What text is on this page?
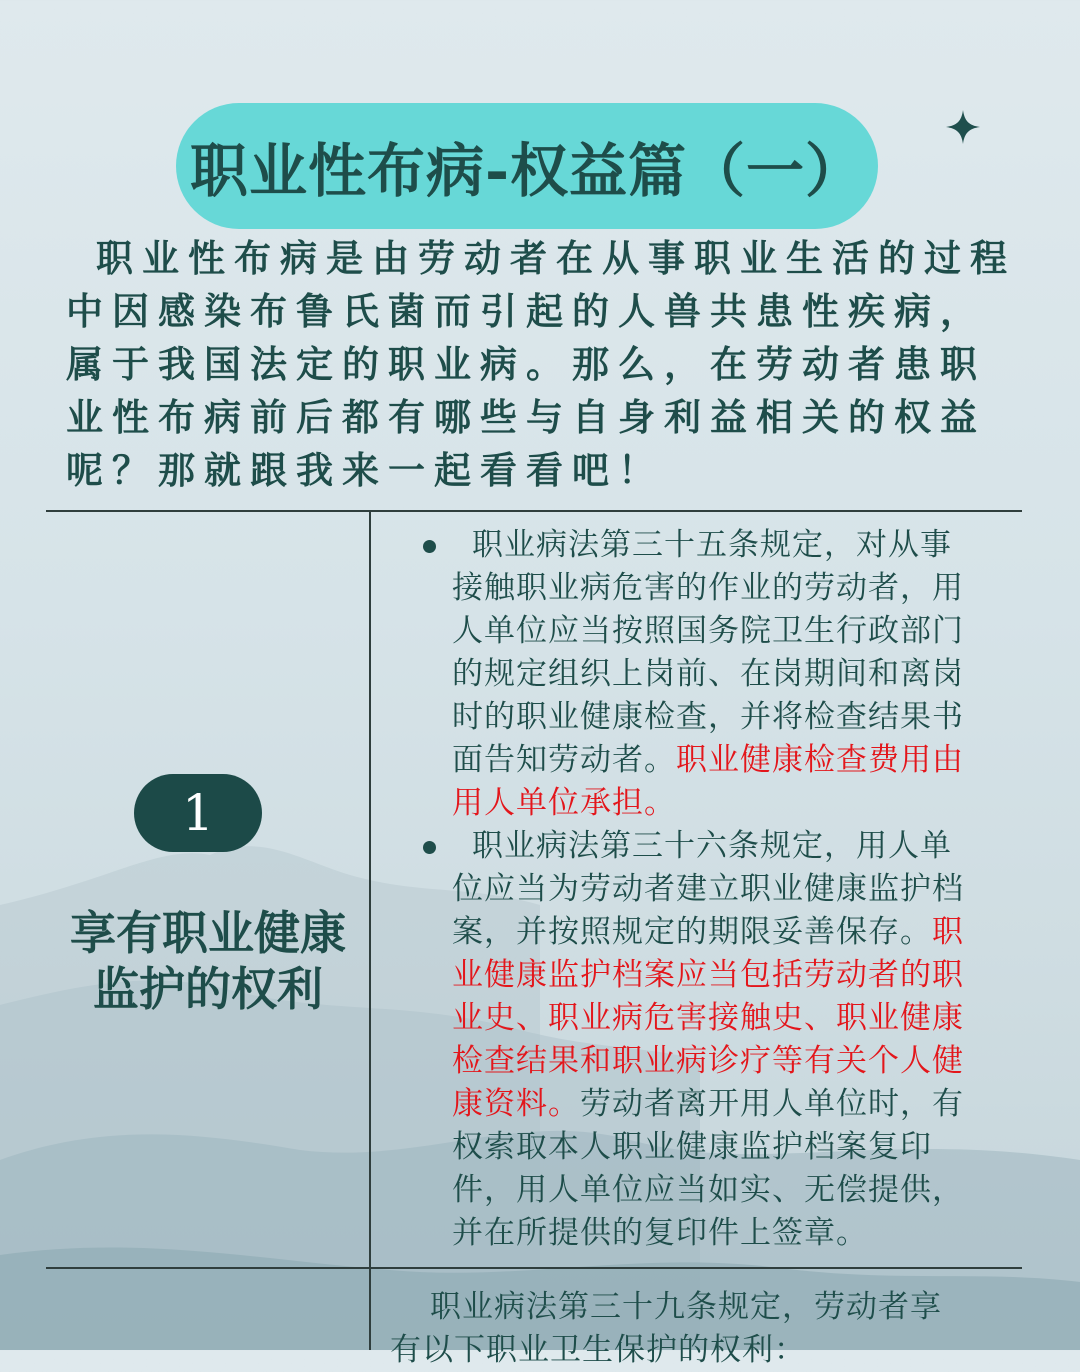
职业性布病-权益篇（一）

职业性布病是由劳动者在从事职业生活的过程
中因感染布鲁氏菌而引起的人兽共患性疾病，
属于我国法定的职业病。那么，在劳动者患职
业性布病前后都有哪些与自身利益相关的权益
呢？那就跟我来一起看看吧！

1
享有职业健康
监护的权利
职业病法第三十五条规定，对从事
接触职业病危害的作业的劳动者，用
人单位应当按照国务院卫生行政部门
的规定组织上岗前、在岗期间和离岗
时的职业健康检查，并将检查结果书
面告知劳动者。职业健康检查费用由
用人单位承担。
职业病法第三十六条规定，用人单
位应当为劳动者建立职业健康监护档
案，并按照规定的期限妥善保存。职
业健康监护档案应当包括劳动者的职
业史、职业病危害接触史、职业健康
检查结果和职业病诊疗等有关个人健
康资料。劳动者离开用人单位时，有
权索取本人职业健康监护档案复印
件，用人单位应当如实、无偿提供，
并在所提供的复印件上签章。
职业病法第三十九条规定，劳动者享
有以下职业卫生保护的权利：
